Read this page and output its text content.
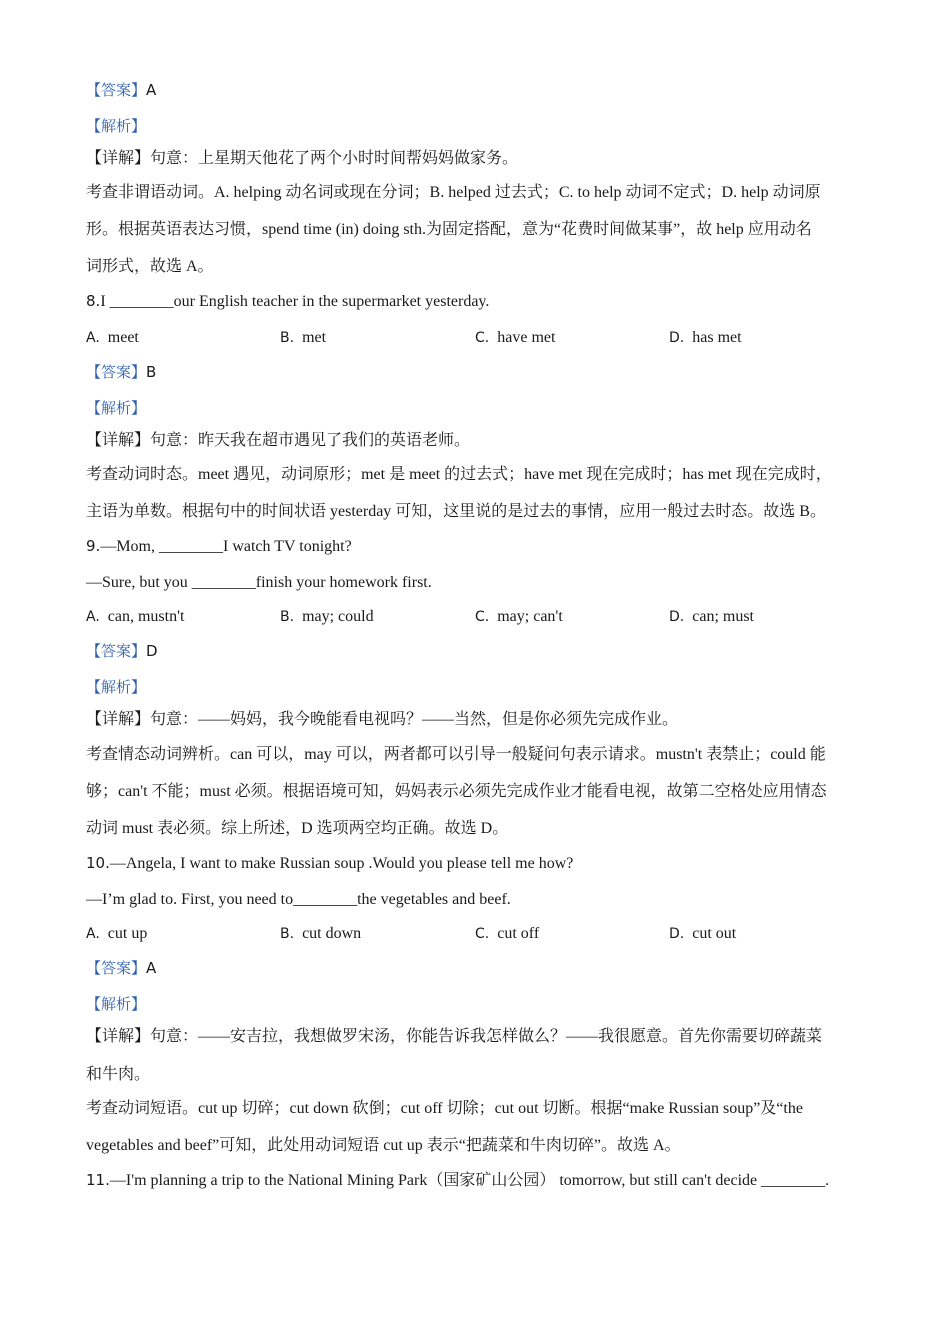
【答案】A
【解析】
【详解】句意：上星期天他花了两个小时时间帮妈妈做家务。
考查非谓语动词。A. helping 动名词或现在分词；B. helped 过去式；C. to help 动词不定式；D. help 动词原
形。根据英语表达习惯，spend time (in) doing sth.为固定搭配，意为“花费时间做某事”，故 help 应用动名
词形式，故选 A。
8.I ________our English teacher in the supermarket yesterday.
A. meet	B. met	C. have met	D. has met
【答案】B
【解析】
【详解】句意：昨天我在超市遇见了我们的英语老师。
考查动词时态。meet 遇见，动词原形；met 是 meet 的过去式；have met 现在完成时；has met 现在完成时，
主语为单数。根据句中的时间状语 yesterday 可知，这里说的是过去的事情，应用一般过去时态。故选 B。
9.—Mom, ________I watch TV tonight?
—Sure, but you ________finish your homework first.
A. can, mustn't	B. may; could	C. may; can't	D. can; must
【答案】D
【解析】
【详解】句意：——妈妈，我今晚能看电视吗？——当然，但是你必须先完成作业。
考查情态动词辨析。can 可以，may 可以，两者都可以引导一般疑问句表示请求。mustn't 表禁止；could 能
够；can't 不能；must 必须。根据语境可知，妈妈表示必须先完成作业才能看电视，故第二空格处应用情态
动词 must 表必须。综上所述，D 选项两空均正确。故选 D。
10.—Angela, I want to make Russian soup .Would you please tell me how?
—I’m glad to. First, you need to________the vegetables and beef.
A. cut up	B. cut down	C. cut off	D. cut out
【答案】A
【解析】
【详解】句意：——安吉拉，我想做罗宋汤，你能告诉我怎样做么？——我很愿意。首先你需要切碎蔬菜
和牛肉。
考查动词短语。cut up 切碎；cut down 砍倒；cut off 切除；cut out 切断。根据“make Russian soup”及“the
vegetables and beef”可知，此处用动词短语 cut up 表示“把蔬菜和牛肉切碎”。故选 A。
11.—I'm planning a trip to the National Mining Park（国家矿山公园） tomorrow, but still can't decide ________.
